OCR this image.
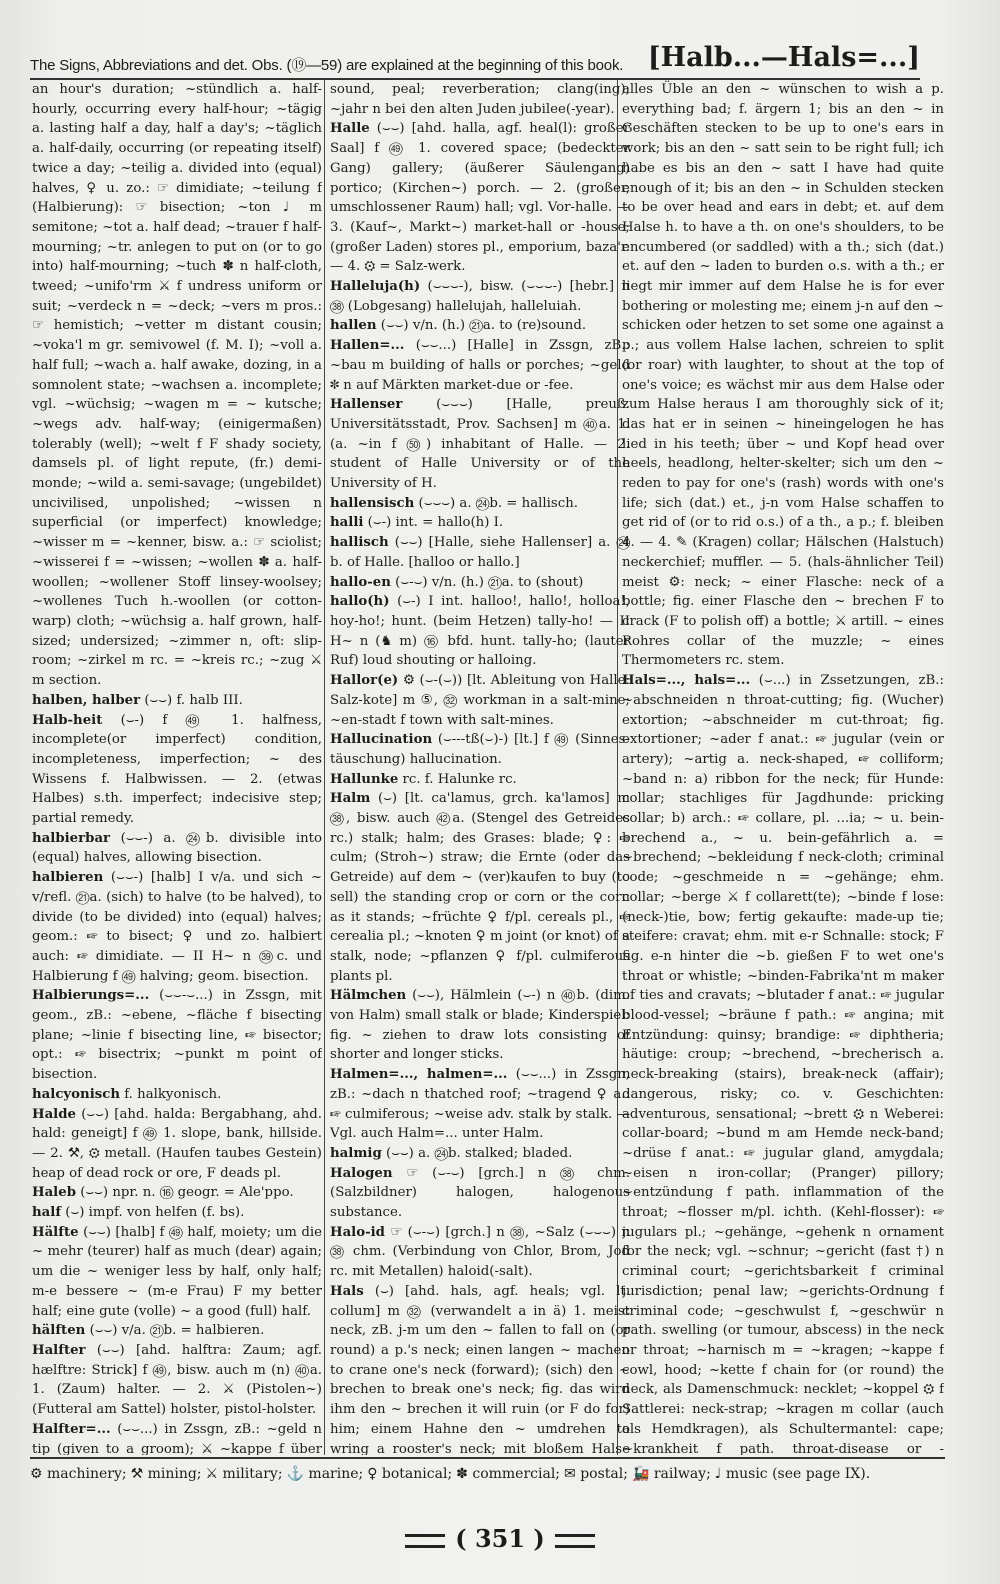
The Signs, Abbreviations and det. Obs. (⑲—59) are explained at the beginning of this book. [Halb...—Hals=...]

an hour's duration; ~stündlich a. half-hourly, occurring every half-hour; ~tägig a. lasting half a day, half a day's; ~täglich a. half-daily, occurring (or repeating itself) twice a day; ~teilig a. divided into (equal) halves, ♀ u. zo.: ☞ dimidiate; ~teilung f (Halbierung): ☞ bisection; ~ton ♩ m semitone; ~tot a. half dead; ~trauer f half-mourning; ~tr. anlegen to put on (or to go into) half-mourning; ~tuch ✽ n half-cloth, tweed; ~unifo'rm ⚔ f undress uniform or suit; ~verdeck n = ~deck; ~vers m pros.: ☞ hemistich; ~vetter m distant cousin; ~voka'l m gr. semivowel (f. M. I); ~voll a. half full; ~wach a. half awake, dozing, in a somnolent state; ~wachsen a. incomplete; vgl. ~wüchsig; ~wagen m = ~ kutsche; ~wegs adv. half-way; (einigermaßen) tolerably (well); ~welt f F shady society, damsels pl. of light repute, (fr.) demi-monde; ~wild a. semi-savage; (ungebildet) uncivilised, unpolished; ~wissen n superficial (or imperfect) knowledge; ~wisser m = ~kenner, bisw. a.: ☞ sciolist; ~wisserei f = ~wissen; ~wollen ✽ a. half-woollen; ~wollener Stoff linsey-woolsey; ~wollenes Tuch h.-woollen (or cotton-warp) cloth; ~wüchsig a. half grown, half-sized; undersized; ~zimmer n, oft: slip-room; ~zirkel m rc. = ~kreis rc.; ~zug ⚔ m section.

halben, halber (⌣⌣) f. halb III.

Halb-heit (⌣-) f ㊾ 1. halfness, incomplete(or imperfect) condition, incompleteness, imperfection; ~ des Wissens f. Halbwissen. — 2. (etwas Halbes) s.th. imperfect; indecisive step; partial remedy.

halbierbar (⌣⌣-) a. ㉔b. divisible into (equal) halves, allowing bisection.

halbieren (⌣⌣-) [halb] I v/a. und sich ~ v/refl. ㉑a. (sich) to halve (to be halved), to divide (to be divided) into (equal) halves; geom.: ☞ to bisect; ♀ und zo. halbiert auch: ☞ dimidiate. — II H~ n ㊴c. und Halbierung f ㊾ halving; geom. bisection.

Halbierungs=... (⌣⌣-⌣...) in Zssgn, mit geom., zB.: ~ebene, ~fläche f bisecting plane; ~linie f bisecting line, ☞ bisector; opt.: ☞ bisectrix; ~punkt m point of bisection.

halcyonisch f. halkyonisch.

Halde (⌣⌣) [ahd. halda: Bergabhang, ahd. hald: geneigt] f ㊾ 1. slope, bank, hillside. — 2. ⚒, ⚙ metall. (Haufen taubes Gestein) heap of dead rock or ore, F deads pl.

Haleb (⌣⌣) npr. n. ⑯ geogr. = Ale'ppo.

half (⌣) impf. von helfen (f. bs).

Hälfte (⌣⌣) [halb] f ㊾ half, moiety; um die ~ mehr (teurer) half as much (dear) again; um die ~ weniger less by half, only half; m-e bessere ~ (m-e Frau) F my better half; eine gute (volle) ~ a good (full) half.

hälften (⌣⌣) v/a. ㉑b. = halbieren.

Halfter (⌣⌣) [ahd. halftra: Zaum; agf. hælftre: Strick] f ㊾, bisw. auch m (n) ㊵a. 1. (Zaum) halter. — 2. ⚔ (Pistolen~) (Futteral am Sattel) holster, pistol-holster.

Halfter=... (⌣⌣...) in Zssgn, zB.: ~geld n tip (given to a groom); ⚔ ~kappe f über

sound, peal; reverberation; clang(ing); ~jahr n bei den alten Juden jubilee(-year).

Halle (⌣⌣) [ahd. halla, agf. heal(l): großer Saal] f ㊾ 1. covered space; (bedeckter Gang) gallery; (äußerer Säulengang) portico; (Kirchen~) porch. — 2. (großer, umschlossener Raum) hall; vgl. Vor-halle. — 3. (Kauf~, Markt~) market-hall or -house; (großer Laden) stores pl., emporium, baza'r. — 4. ⚙ = Salz-werk.

Halleluja(h) (⌣⌣⌣-), bisw. (⌣⌣⌣-) [hebr.] n ㊳ (Lobgesang) hallelujah, halleluiah.

hallen (⌣⌣) v/n. (h.) ㉑a. to (re)sound.

Hallen=... (⌣⌣...) [Halle] in Zssgn, zB.: ~bau m building of halls or porches; ~geld ✽ n auf Märkten market-due or -fee.

Hallenser	(⌣⌣⌣) [Halle, preuß. Universitätsstadt, Prov. Sachsen] m ㊵a. 1. (a. ~in f ㊿) inhabitant of Halle. — 2. student of Halle University or of the University of H.

hallensisch (⌣⌣⌣) a. ㉔b. = hallisch.

halli (⌣-) int. = hallo(h) I.

hallisch (⌣⌣) [Halle, siehe Hallenser] a. ㉔b. of Halle. [halloo or hallo.]

hallo-en (⌣-⌣) v/n. (h.) ㉑a. to (shout)

hallo(h) (⌣-) I int. halloo!, hallo!, holloa!, hoy-ho!; hunt. (beim Hetzen) tally-ho! — II H~ n (♞ m) ⑯ bfd. hunt. tally-ho; (lauter Ruf) loud shouting or halloing.

Hallor(e) ⚙ (⌣-(⌣)) [lt. Ableitung von Halle: Salz-kote] m ⑤, ㉜ workman in a salt-mine; ~en-stadt f town with salt-mines.

Hallucination (⌣---tß(⌣)-) [lt.] f ㊾ (Sinnes-täuschung) hallucination.

Hallunke rc. f. Halunke rc.

Halm (⌣) [lt. ca'lamus, grch. ka'lamos] m ㊳, bisw. auch ㊷a. (Stengel des Getreides rc.) stalk; halm; des Grases: blade; ♀: ☞ culm; (Stroh~) straw; die Ernte (oder das Getreide) auf dem ~ (ver)kaufen to buy (to sell) the standing crop or corn or the corn as it stands; ~früchte ♀ f/pl. cereals pl., ☞ cerealia pl.; ~knoten ♀ m joint (or knot) of a stalk, node; ~pflanzen ♀ f/pl. culmiferous plants pl.

Hälmchen (⌣⌣), Hälmlein (⌣-) n ㊵b. (dim. von Halm) small stalk or blade; Kinderspiel: fig. ~ ziehen to draw lots consisting of shorter and longer sticks.

Halmen=..., halmen=... (⌣⌣...) in Zssgn, zB.: ~dach n thatched roof; ~tragend ♀ a.: ☞ culmiferous; ~weise adv. stalk by stalk. — Vgl. auch Halm=... unter Halm.

halmig (⌣⌣) a. ㉔b. stalked; bladed.

Halogen ☞ (⌣-⌣) [grch.] n ㊳ chm. (Salzbildner) halogen, halogenous substance.

Halo-id ☞ (⌣-⌣) [grch.] n ㊳, ~Salz (⌣⌣⌣) n ㊳ chm. (Verbindung von Chlor, Brom, Jod rc. mit Metallen) haloid(-salt).

Hals (⌣) [ahd. hals, agf. heals; vgl. lt. collum] m ㉜ (verwandelt a in ä) 1. meist neck, zB. j-m um den ~ fallen to fall on (or round) a p.'s neck; einen langen ~ machen to crane one's neck (forward); (sich) den ~ brechen to break one's neck; fig. das wird ihm den ~ brechen it will ruin (or F do for) him; einem Hahne den ~ umdrehen to wring a rooster's neck; mit bloßem Halse

alles Üble an den ~ wünschen to wish a p. everything bad; f. ärgern 1; bis an den ~ in Geschäften stecken to be up to one's ears in work; bis an den ~ satt sein to be right full; ich habe es bis an den ~ satt I have had quite enough of it; bis an den ~ in Schulden stecken to be over head and ears in debt; et. auf dem Halse h. to have a th. on one's shoulders, to be encumbered (or saddled) with a th.; sich (dat.) et. auf den ~ laden to burden o.s. with a th.; er liegt mir immer auf dem Halse he is for ever bothering or molesting me; einem j-n auf den ~ schicken oder hetzen to set some one against a p.; aus vollem Halse lachen, schreien to split (or roar) with laughter, to shout at the top of one's voice; es wächst mir aus dem Halse oder zum Halse heraus I am thoroughly sick of it; das hat er in seinen ~ hineingelogen he has lied in his teeth; über ~ und Kopf head over heels, headlong, helter-skelter; sich um den ~ reden to pay for one's (rash) words with one's life; sich (dat.) et., j-n vom Halse schaffen to get rid of (or to rid o.s.) of a th., a p.; f. bleiben 4. — 4. ✎ (Kragen) collar; Hälschen (Halstuch) neckerchief; muffler. — 5. (hals-ähnlicher Teil) meist ⚙: neck; ~ einer Flasche: neck of a bottle; fig. einer Flasche den ~ brechen F to crack (F to polish off) a bottle; ⚔ artill. ~ eines Rohres collar of the muzzle; ~ eines Thermometers rc. stem.

Hals=..., hals=... (⌣...) in Zssetzungen, zB.: ~abschneiden n throat-cutting; fig. (Wucher) extortion; ~abschneider m cut-throat; fig. extortioner; ~ader f anat.: ☞ jugular (vein or artery); ~artig a. neck-shaped, ☞ colliform; ~band n: a) ribbon for the neck; für Hunde: collar; stachliges für Jagdhunde: pricking collar; b) arch.: ☞ collare, pl. ...ia; ~ u. bein-brechend a., ~ u. bein-gefährlich a. = ~brechend; ~bekleidung f neck-cloth; criminal code; ~geschmeide n = ~gehänge; ehm. collar; ~berge ⚔ f collarett(te); ~binde f lose: (neck-)tie, bow; fertig gekaufte: made-up tie; steifere: cravat; ehm. mit e-r Schnalle: stock; F fig. e-n hinter die ~b. gießen F to wet one's throat or whistle; ~binden-Fabrika'nt m maker of ties and cravats; ~blutader f anat.: ☞ jugular blood-vessel; ~bräune f path.: ☞ angina; mit Entzündung: quinsy; brandige: ☞ diphtheria; häutige: croup; ~brechend, ~brecherisch a. neck-breaking (stairs), break-neck (affair); dangerous, risky; co. v. Geschichten: adventurous, sensational; ~brett ⚙ n Weberei: collar-board; ~bund m am Hemde neck-band; ~drüse f anat.: ☞ jugular gland, amygdala; ~eisen n iron-collar; (Pranger) pillory; ~entzündung f path. inflammation of the throat; ~flosser m/pl. ichth. (Kehl-flosser): ☞ jugulars pl.; ~gehänge, ~gehenk n ornament for the neck; vgl. ~schnur; ~gericht (fast †) n criminal court; ~gerichtsbarkeit f criminal jurisdiction; penal law; ~gerichts-Ordnung f criminal code; ~geschwulst f, ~geschwür n path. swelling (or tumour, abscess) in the neck or throat; ~harnisch m = ~kragen; ~kappe f cowl, hood; ~kette f chain for (or round) the neck, als Damenschmuck: necklet; ~koppel ⚙ f Sattlerei: neck-strap; ~kragen m collar (auch als Hemdkragen), als Schultermantel: cape; ~krankheit f path. throat-disease or -

⚙ machinery; ⚒ mining; ⚔ military; ⚓ marine; ♀ botanical; ✽ commercial; ✉ postal; 🚂 railway; ♩ music (see page IX).
( 351 )
